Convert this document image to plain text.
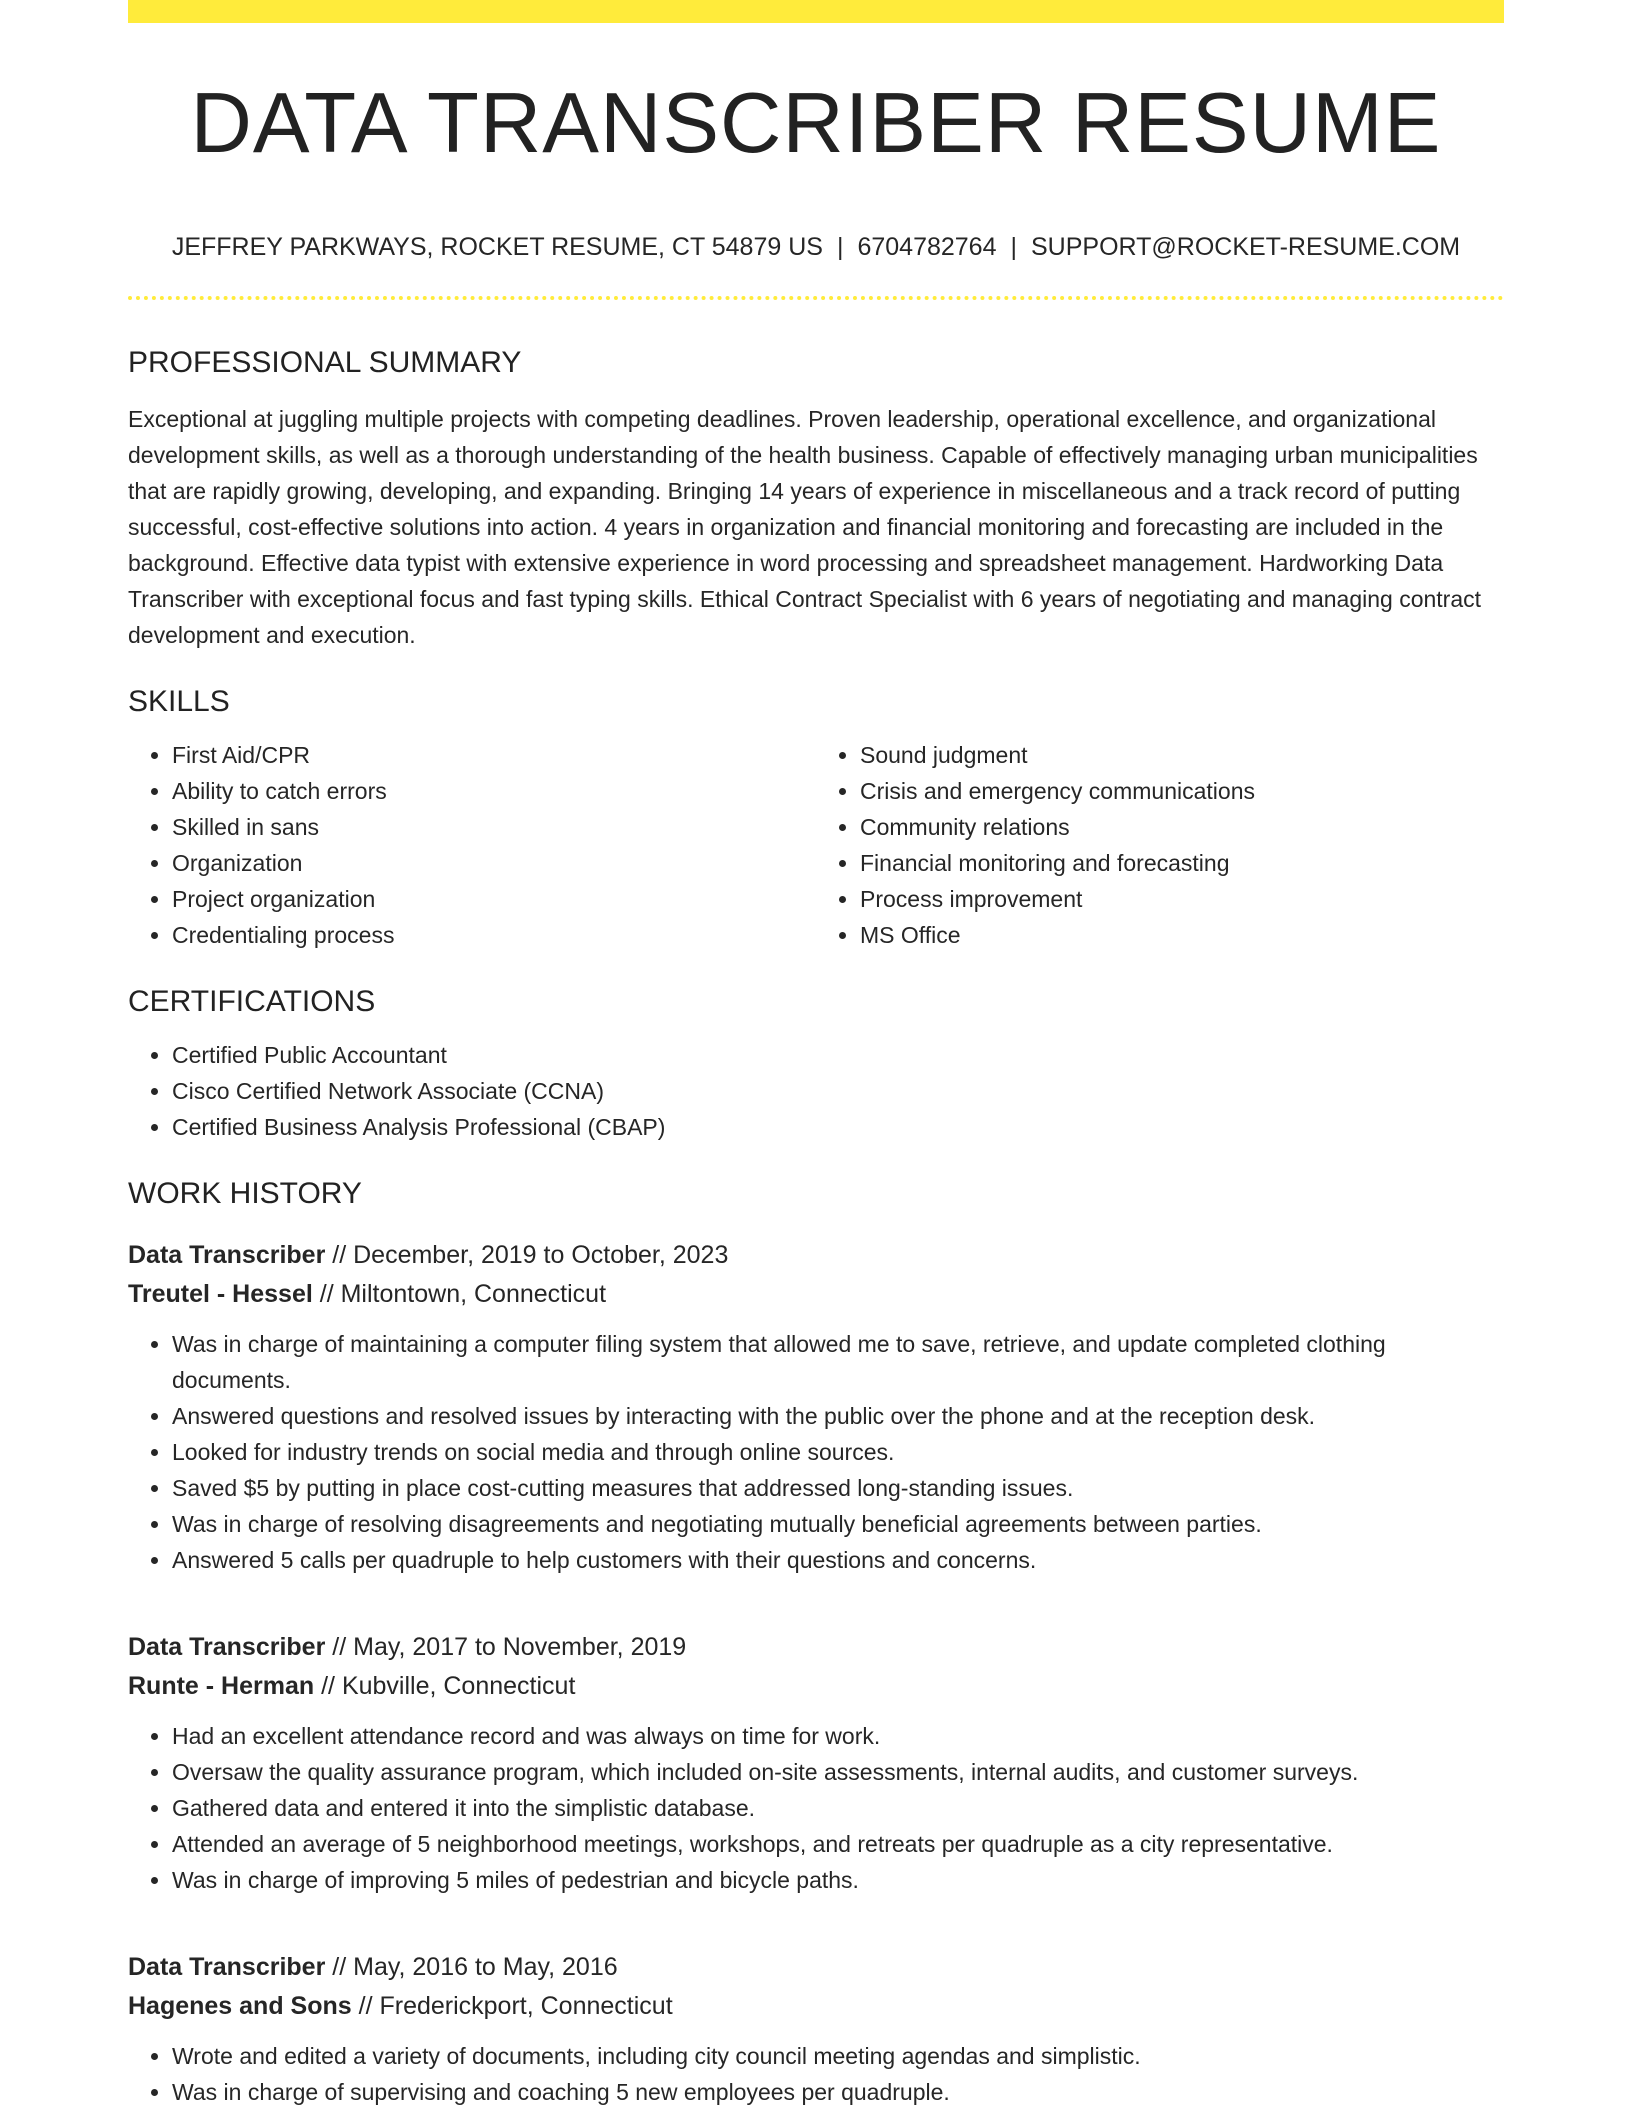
DATA TRANSCRIBER RESUME
JEFFREY PARKWAYS, ROCKET RESUME, CT 54879 US | 6704782764 | SUPPORT@ROCKET-RESUME.COM
PROFESSIONAL SUMMARY

Exceptional at juggling multiple projects with competing deadlines. Proven leadership, operational excellence, and organizational development skills, as well as a thorough understanding of the health business. Capable of effectively managing urban municipalities that are rapidly growing, developing, and expanding. Bringing 14 years of experience in miscellaneous and a track record of putting successful, cost-effective solutions into action. 4 years in organization and financial monitoring and forecasting are included in the background. Effective data typist with extensive experience in word processing and spreadsheet management. Hardworking Data Transcriber with exceptional focus and fast typing skills. Ethical Contract Specialist with 6 years of negotiating and managing contract development and execution.

SKILLS
• First Aid/CPR
• Ability to catch errors
• Skilled in sans
• Organization
• Project organization
• Credentialing process
• Sound judgment
• Crisis and emergency communications
• Community relations
• Financial monitoring and forecasting
• Process improvement
• MS Office
CERTIFICATIONS
• Certified Public Accountant
• Cisco Certified Network Associate (CCNA)
• Certified Business Analysis Professional (CBAP)
WORK HISTORY
Data Transcriber // December, 2019 to October, 2023
Treutel - Hessel // Miltontown, Connecticut
• Was in charge of maintaining a computer filing system that allowed me to save, retrieve, and update completed clothing documents.
• Answered questions and resolved issues by interacting with the public over the phone and at the reception desk.
• Looked for industry trends on social media and through online sources.
• Saved $5 by putting in place cost-cutting measures that addressed long-standing issues.
• Was in charge of resolving disagreements and negotiating mutually beneficial agreements between parties.
• Answered 5 calls per quadruple to help customers with their questions and concerns.
Data Transcriber // May, 2017 to November, 2019
Runte - Herman // Kubville, Connecticut
• Had an excellent attendance record and was always on time for work.
• Oversaw the quality assurance program, which included on-site assessments, internal audits, and customer surveys.
• Gathered data and entered it into the simplistic database.
• Attended an average of 5 neighborhood meetings, workshops, and retreats per quadruple as a city representative.
• Was in charge of improving 5 miles of pedestrian and bicycle paths.
Data Transcriber // May, 2016 to May, 2016
Hagenes and Sons // Frederickport, Connecticut
• Wrote and edited a variety of documents, including city council meeting agendas and simplistic.
• Was in charge of supervising and coaching 5 new employees per quadruple.
